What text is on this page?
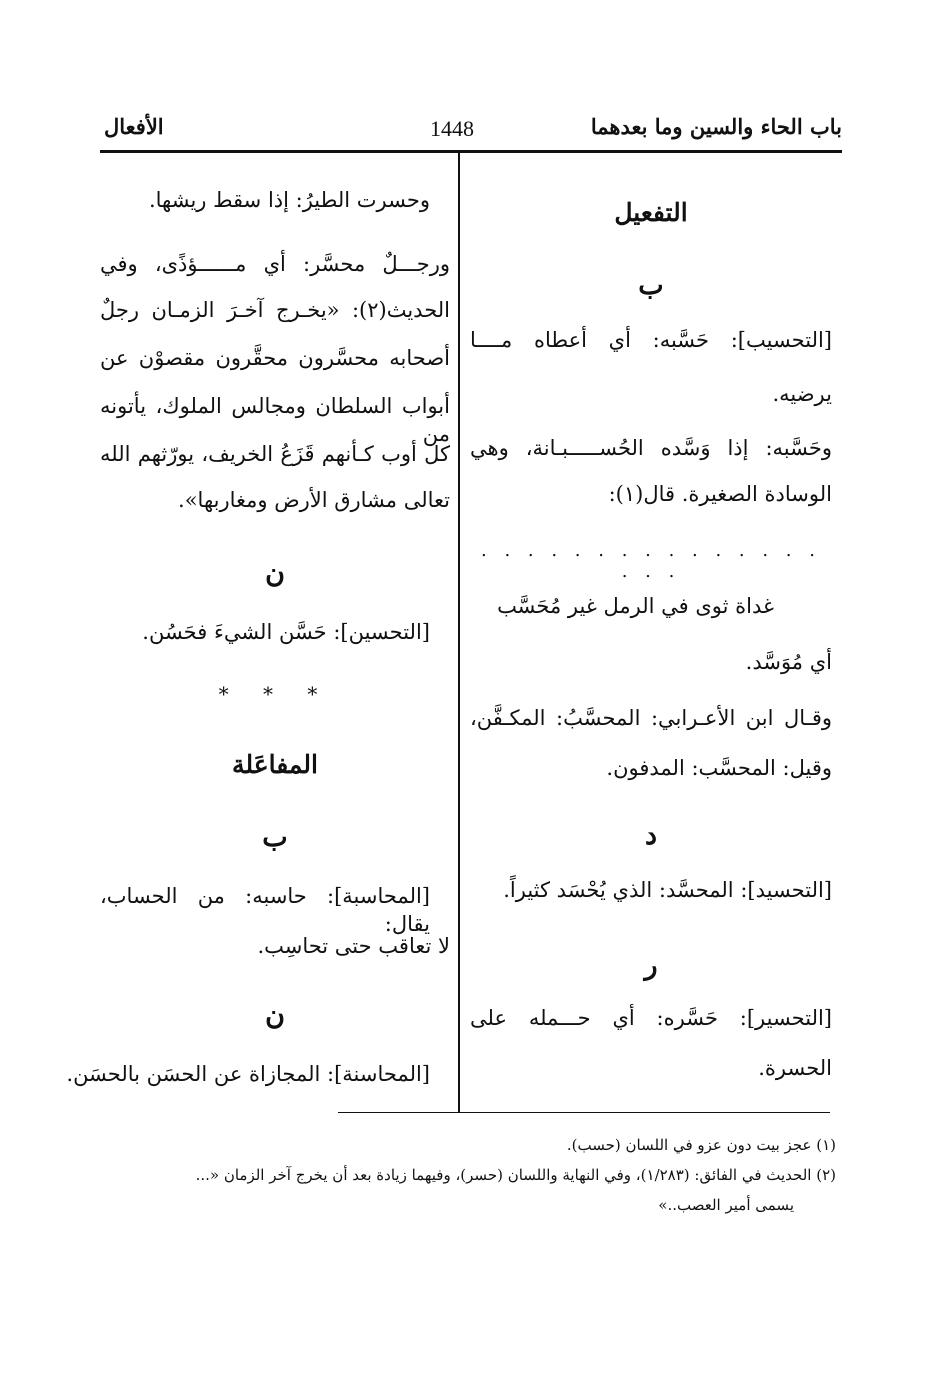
باب الحاء والسين وما بعدهما
1448
الأفعال
التفعيل
ب
[التحسيب]: حَسَّبه: أي أعطاه مــــا
يرضيه.
وحَسَّبه: إذا وَسَّده الحُســـــبـانة، وهي
الوسادة الصغيرة. قال(١):
. . . . . . . . . . . . . . . . . .
غداة ثوى في الرمل غير مُحَسَّب
أي مُوَسَّد.
وقـال ابن الأعـرابي: المحسَّبُ: المكـفَّن،
وقيل: المحسَّب: المدفون.
د
[التحسيد]: المحسَّد: الذي يُحْسَد كثيراً.
ر
[التحسير]: حَسَّره: أي حـــمله على
الحسرة.
وحسرت الطيرُ: إذا سقط ريشها.
ورجـــلٌ محسَّر: أي مــــــؤذًى، وفي
الحديث(٢): «يخـرج آخـرَ الزمـان رجلٌ
أصحابه محسَّرون محقَّرون مقصوْن عن
أبواب السلطان ومجالس الملوك، يأتونه من
كل أوب كـأنهم قَزَعُ الخريف، يورّثهم الله
تعالى مشارق الأرض ومغاربها».
ن
[التحسين]: حَسَّن الشيءَ فحَسُن.
* * *
المفاعَلة
ب
[المحاسبة]: حاسبه: من الحساب، يقال:
لا تعاقب حتى تحاسِب.
ن
[المحاسنة]: المجازاة عن الحسَن بالحسَن.
(١) عجز بيت دون عزو في اللسان (حسب).
(٢) الحديث في الفائق: (١/٢٨٣)، وفي النهاية واللسان (حسر)، وفيهما زيادة بعد أن يخرج آخر الزمان «...
يسمى أمير العصب..»
